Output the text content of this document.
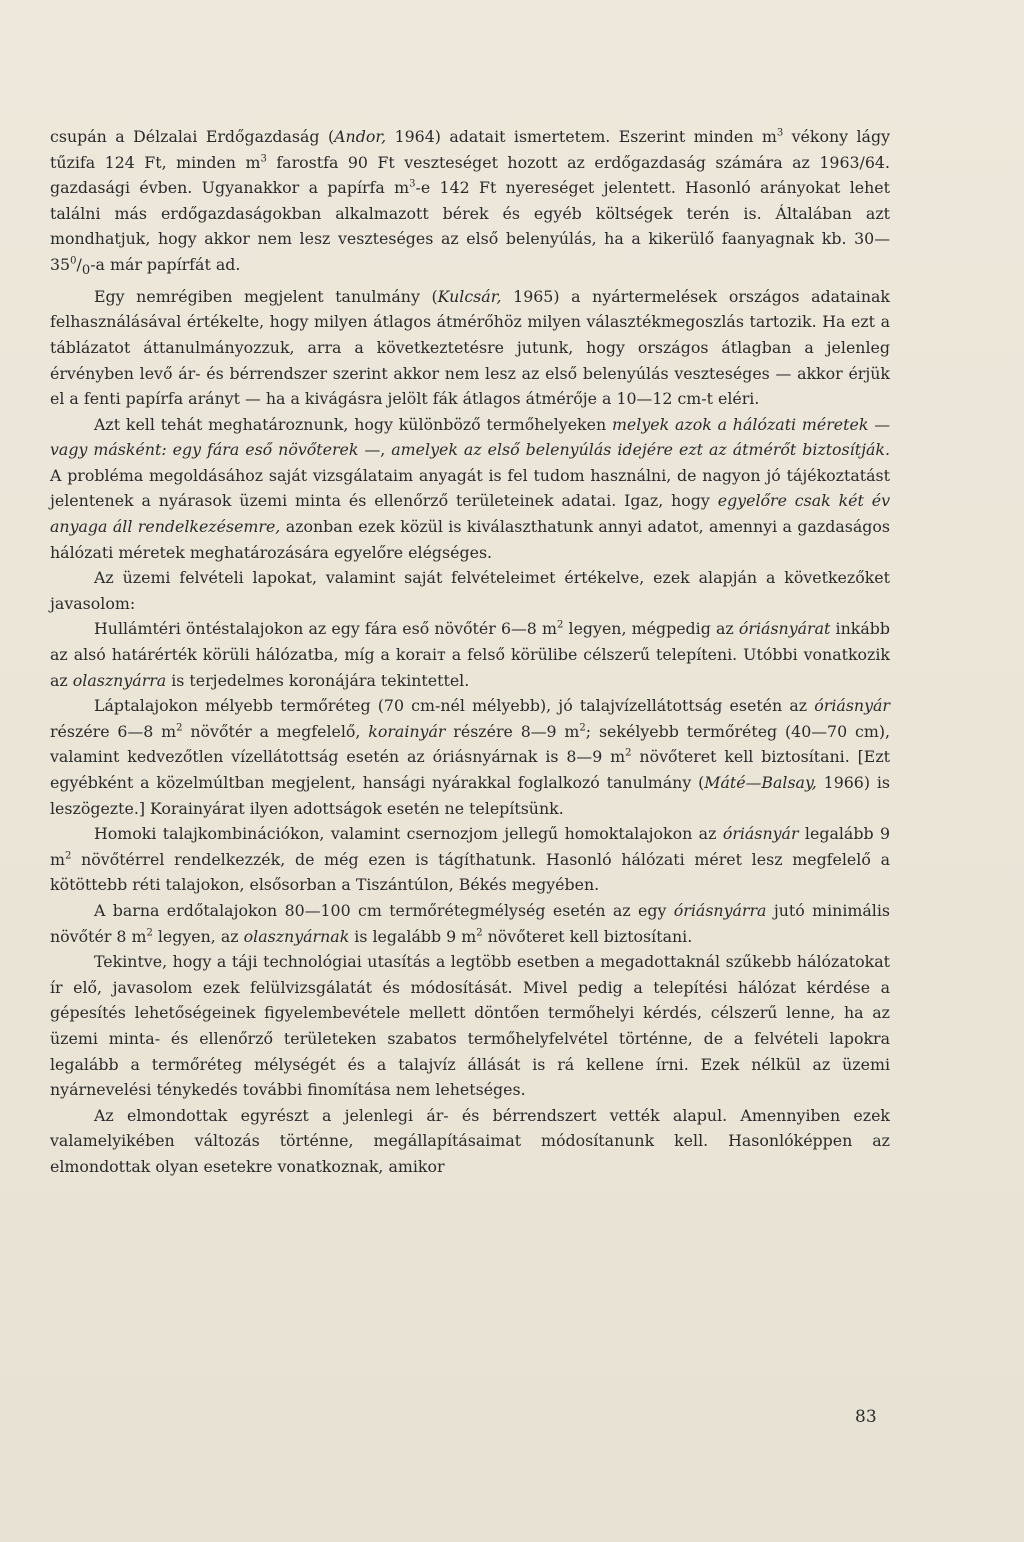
csupán a Délzalai Erdőgazdaság (Andor, 1964) adatait ismertetem. Eszerint minden $m^3$ vékony lágy tűzifa 124 Ft, minden $m^3$ farostfa 90 Ft veszteséget hozott az erdőgazdaság számára az 1963/64. gazdasági évben. Ugyanakkor a papírfa $m^3-e$ 142 Ft nyereséget jelentett. Hasonló arányokat lehet találni más erdőgazdaságokban alkalmazott bérek és egyéb költségek terén is. Általában azt mondhatjuk, hogy akkor nem lesz veszteséges az első belenyúlás, ha a kikerülő faanyagnak kb. $30—35^0/_0-a$ már papírfát ad.

Egy nemrégiben megjelent tanulmány (Kulcsár, 1965) a nyártermelések országos adatainak felhasználásával értékelte, hogy milyen átlagos átmérőhöz milyen választékmegoszlás tartozik. Ha ezt a táblázatot áttanulmányozzuk, arra a következtetésre jutunk, hogy országos átlagban a jelenleg érvényben levő ár- és bérrendszer szerint akkor nem lesz az első belenyúlás veszteséges — akkor érjük el a fenti papírfa arányt — ha a kivágásra jelölt fák átlagos átmérője a 10—12 cm-t eléri.

Azt kell tehát meghatároznunk, hogy különböző termőhelyeken melyek azok a hálózati méretek — vagy másként: egy fára eső növőterek —, amelyek az első belenyúlás idejére ezt az átmérőt biztosítják. A probléma megoldásához saját vizsgálataim anyagát is fel tudom használni, de nagyon jó tájékoztatást jelentenek a nyárasok üzemi minta és ellenőrző területeinek adatai. Igaz, hogy egyelőre csak két év anyaga áll rendelkezésemre, azonban ezek közül is kiválaszthatunk annyi adatot, amennyi a gazdaságos hálózati méretek meghatározására egyelőre elégséges.

Az üzemi felvételi lapokat, valamint saját felvételeimet értékelve, ezek alapján a következőket javasolom:

Hullámtéri öntéstalajokon az egy fára eső növőtér 6—8 $m^2$ legyen, mégpedig az óriásnyárat inkább az alsó határérték körüli hálózatba, míg a koraiт a felső körülibe célszerű telepíteni. Utóbbi vonatkozik az olasznyárra is terjedelmes koronájára tekintettel.

Láptalajokon mélyebb termőréteg (70 cm-nél mélyebb), jó talajvízellátottság esetén az óriásnyár részére 6—8 $m^2$ növőtér a megfelelő, korainyár részére 8—9 $m^2$; sekélyebb termőréteg (40—70 cm), valamint kedvezőtlen vízellátottság esetén az óriásnyárnak is 8—9 $m^2$ növőteret kell biztosítani. [Ezt egyébként a közelmúltban megjelent, hansági nyárakkal foglalkozó tanulmány (Máté—Balsay, 1966) is leszögezte.] Korainyárat ilyen adottságok esetén ne telepítsünk.

Homoki talajkombinációkon, valamint csernozjom jellegű homoktalajokon az óriásnyár legalább 9 $m^2$ növőtérrel rendelkezzék, de még ezen is tágíthatunk. Hasonló hálózati méret lesz megfelelő a kötöttebb réti talajokon, elsősorban a Tiszántúlon, Békés megyében.

A barna erdőtalajokon 80—100 cm termőrétegmélység esetén az egy óriásnyárra jutó minimális növőtér 8 $m^2$ legyen, az olasznyárnak is legalább 9 $m^2$ növőteret kell biztosítani.

Tekintve, hogy a táji technológiai utasítás a legtöbb esetben a megadottaknál szűkebb hálózatokat ír elő, javasolom ezek felülvizsgálatát és módosítását. Mivel pedig a telepítési hálózat kérdése a gépesítés lehetőségeinek figyelembevétele mellett döntően termőhelyi kérdés, célszerű lenne, ha az üzemi minta- és ellenőrző területeken szabatos termőhelyfelvétel történne, de a felvételi lapokra legalább a termőréteg mélységét és a talajvíz állását is rá kellene írni. Ezek nélkül az üzemi nyárnevelési ténykedés további finomítása nem lehetséges.

Az elmondottak egyrészt a jelenlegi ár- és bérrendszert vették alapul. Amennyiben ezek valamelyikében változás történne, megállapításaimat módosítanunk kell. Hasonlóképpen az elmondottak olyan esetekre vonatkoznak, amikor

83
